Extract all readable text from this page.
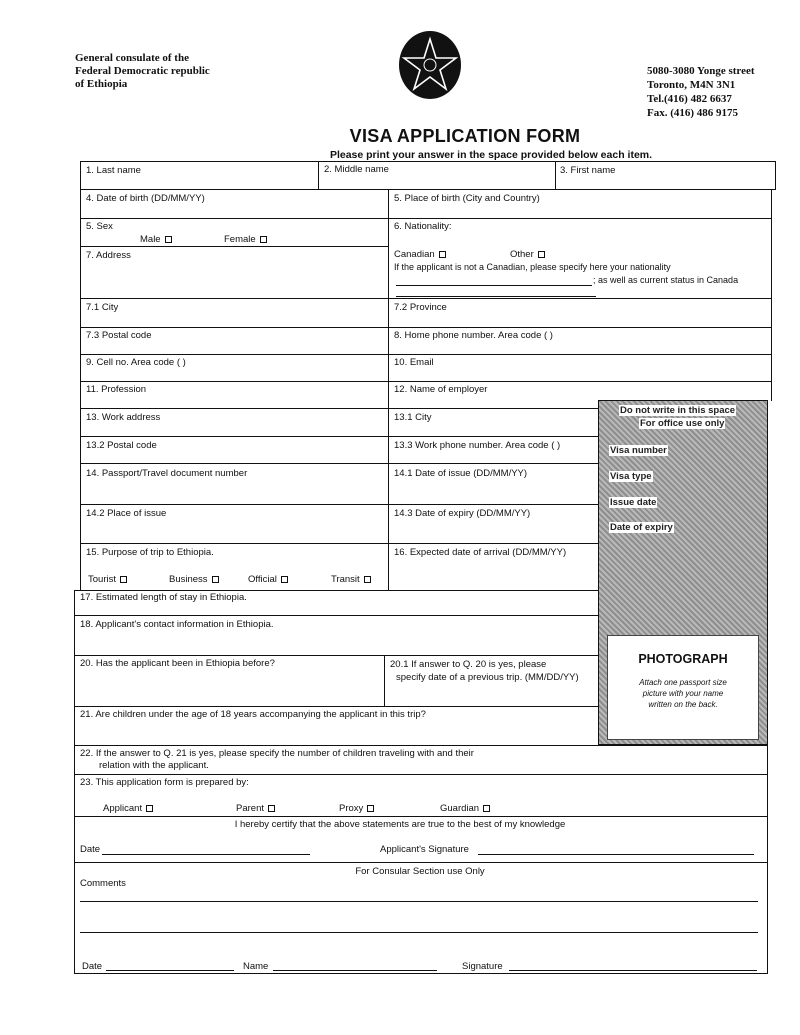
General consulate of the
Federal Democratic republic
of Ethiopia
5080-3080 Yonge street
Toronto, M4N 3N1
Tel.(416) 482 6637
Fax. (416) 486 9175
VISA APPLICATION FORM
Please print your answer in the space provided below each item.
1. Last name	2. Middle name	3. First name
4. Date of birth (DD/MM/YY)	5. Place of birth (City and Country)
5. Sex
Male	Female
6. Nationality:
Canadian	Other
If the applicant is not a Canadian, please specify here your nationality
; as well as current status in Canada
7. Address
7.1 City	7.2 Province
7.3 Postal code	8. Home phone number. Area code ( )
9. Cell no. Area code ( )	10. Email
11. Profession	12. Name of employer
13. Work address	13.1 City
13.2 Postal code	13.3 Work phone number. Area code ( )
14. Passport/Travel document number	14.1 Date of issue (DD/MM/YY)
14.2 Place of issue	14.3 Date of expiry (DD/MM/YY)
15. Purpose of trip to Ethiopia.	16. Expected date of arrival (DD/MM/YY)
Tourist	Business	Official	Transit
17. Estimated length of stay in Ethiopia.
18. Applicant's contact information in Ethiopia.
20. Has the applicant been in Ethiopia before?	20.1 If answer to Q. 20 is yes, please
specify date of a previous trip. (MM/DD/YY)
21. Are children under the age of 18 years accompanying the applicant in this trip?
22. If the answer to Q. 21 is yes, please specify the number of children traveling with and their
relation with the applicant.
23. This application form is prepared by:
Applicant	Parent	Proxy	Guardian
I hereby certify that the above statements are true to the best of my knowledge
Date	Applicant's Signature
For Consular Section use Only
Comments
Date	Name	Signature
Do not write in this space
For office use only
Visa number
Visa type
Issue date
Date of expiry
PHOTOGRAPH
Attach one passport size
picture with your name
written on the back.
